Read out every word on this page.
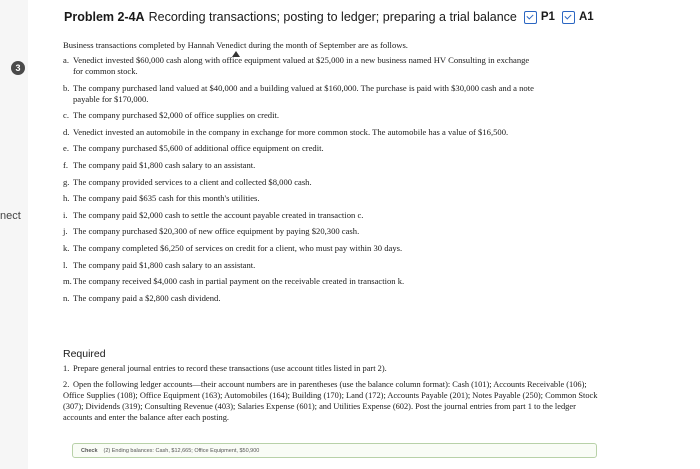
3
nect
Problem 2-4A Recording transactions; posting to ledger; preparing a trial balance P1 A1
Business transactions completed by Hannah Venedict during the month of September are as follows.
a. Venedict invested $60,000 cash along with office equipment valued at $25,000 in a new business named HV Consulting in exchange
for common stock.
b. The company purchased land valued at $40,000 and a building valued at $160,000. The purchase is paid with $30,000 cash and a note
payable for $170,000.
c. The company purchased $2,000 of office supplies on credit.
d. Venedict invested an automobile in the company in exchange for more common stock. The automobile has a value of $16,500.
e. The company purchased $5,600 of additional office equipment on credit.
f. The company paid $1,800 cash salary to an assistant.
g. The company provided services to a client and collected $8,000 cash.
h. The company paid $635 cash for this month's utilities.
i. The company paid $2,000 cash to settle the account payable created in transaction c.
j. The company purchased $20,300 of new office equipment by paying $20,300 cash.
k. The company completed $6,250 of services on credit for a client, who must pay within 30 days.
l. The company paid $1,800 cash salary to an assistant.
m.The company received $4,000 cash in partial payment on the receivable created in transaction k.
n. The company paid a $2,800 cash dividend.
Required
1. Prepare general journal entries to record these transactions (use account titles listed in part 2).
2. Open the following ledger accounts—their account numbers are in parentheses (use the balance column format): Cash (101); Accounts Receivable (106); Office Supplies (108); Office Equipment (163); Automobiles (164); Building (170); Land (172); Accounts Payable (201); Notes Payable (250); Common Stock (307); Dividends (319); Consulting Revenue (403); Salaries Expense (601); and Utilities Expense (602). Post the journal entries from part 1 to the ledger accounts and enter the balance after each posting.
Check (2) Ending balances: Cash, $12,665; Office Equipment, $50,900
